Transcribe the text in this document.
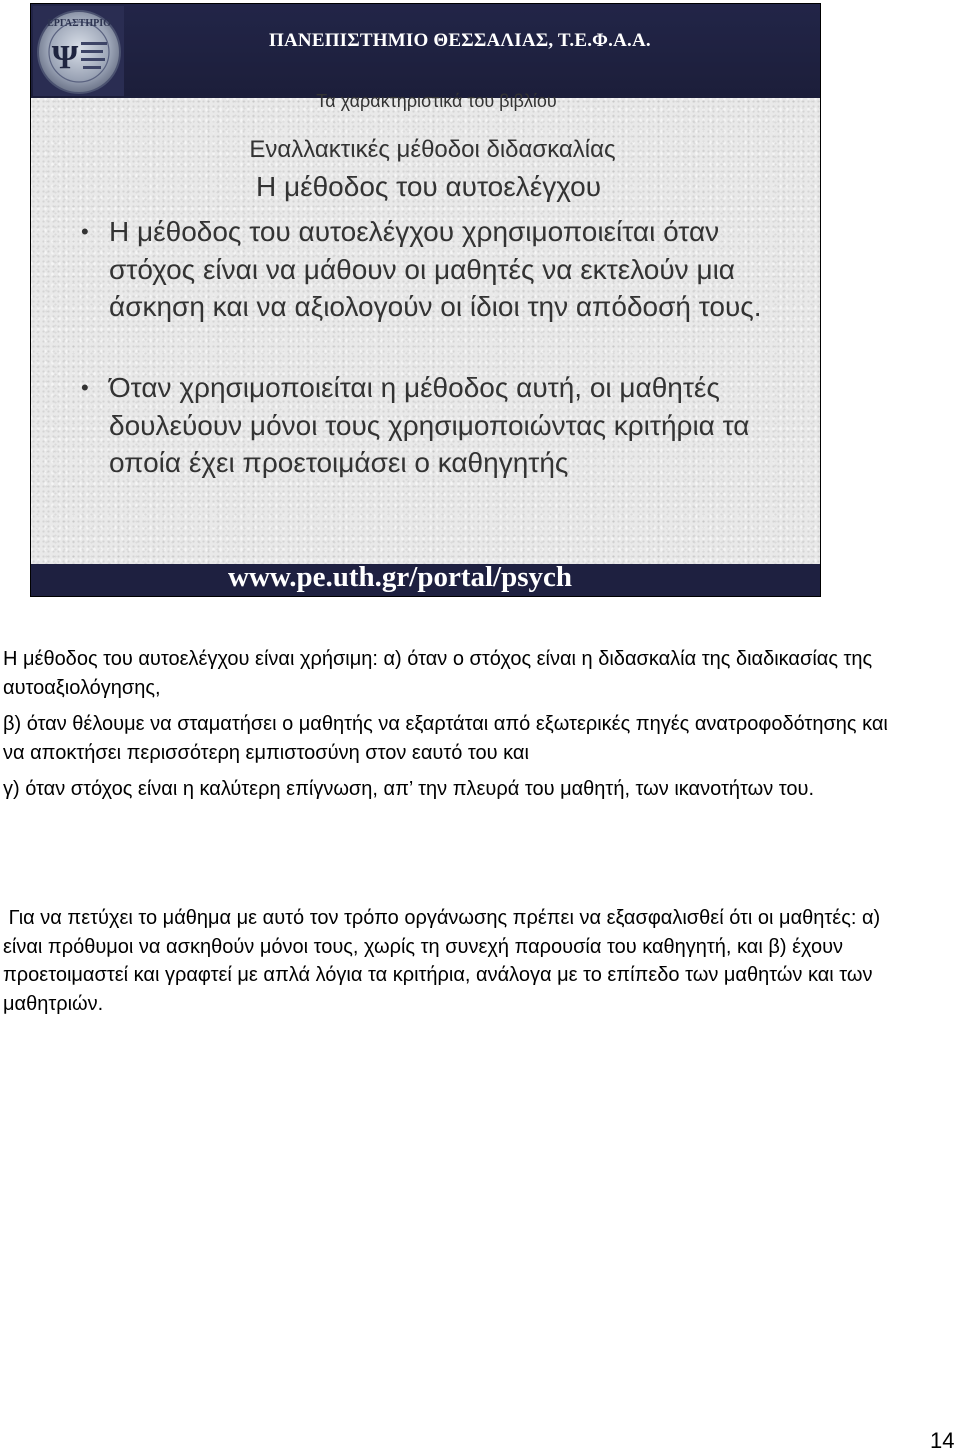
ΕΡΓΑΣΤΗΡΙΟ
Ψ	ΠΑΝΕΠΙΣΤΗΜΙΟ ΘΕΣΣΑΛΙΑΣ, Τ.Ε.Φ.Α.Α.
Τα χαρακτηριστικά του βιβλίου
Εναλλακτικές μέθοδοι διδασκαλίας
Η μέθοδος του αυτοελέγχου
• Η μέθοδος του αυτοελέγχου χρησιμοποιείται όταν στόχος είναι να μάθουν οι μαθητές να εκτελούν μια άσκηση και να αξιολογούν οι ίδιοι την απόδοσή τους.
• Όταν χρησιμοποιείται η μέθοδος αυτή, οι μαθητές δουλεύουν μόνοι τους χρησιμοποιώντας κριτήρια τα οποία έχει προετοιμάσει ο καθηγητής
www.pe.uth.gr/portal/psych

Η μέθοδος του αυτοελέγχου είναι χρήσιμη: α) όταν ο στόχος είναι η διδασκαλία της διαδικασίας της αυτοαξιολόγησης,

β) όταν θέλουμε να σταματήσει ο μαθητής να εξαρτάται από εξωτερικές πηγές ανατροφοδότησης και να αποκτήσει περισσότερη εμπιστοσύνη στον εαυτό του και

γ) όταν στόχος είναι η καλύτερη επίγνωση, απ’ την πλευρά του μαθητή, των ικανοτήτων του.

Για να πετύχει το μάθημα με αυτό τον τρόπο οργάνωσης πρέπει να εξασφαλισθεί ότι οι μαθητές: α) είναι πρόθυμοι να ασκηθούν μόνοι τους, χωρίς τη συνεχή παρουσία του καθηγητή, και β) έχουν προετοιμαστεί και γραφτεί με απλά λόγια τα κριτήρια, ανάλογα με το επίπεδο των μαθητών και των μαθητριών.
14
